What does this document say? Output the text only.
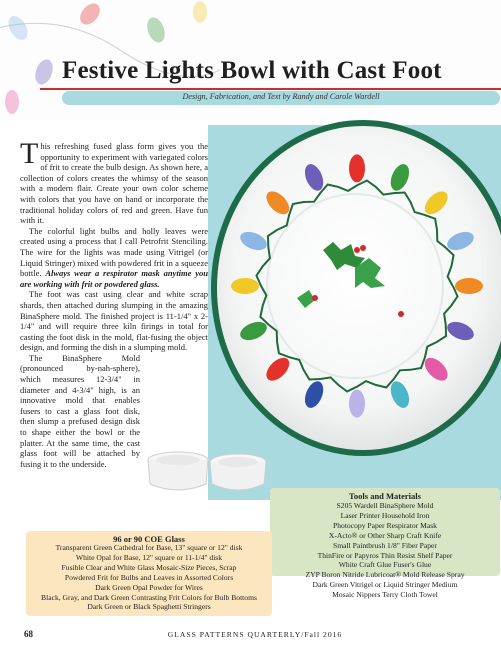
Festive Lights Bowl with Cast Foot
Design, Fabrication, and Text by Randy and Carole Wardell

This refreshing fused glass form gives you the opportunity to experiment with variegated colors of frit to create the bulb design. As shown here, a collection of colors creates the whimsy of the season with a modern flair. Create your own color scheme with colors that you have on hand or incorporate the traditional holiday colors of red and green. Have fun with it.

The colorful light bulbs and holly leaves were created using a process that I call Petrofrit Stenciling. The wire for the lights was made using Vitrigel (or Liquid Stringer) mixed with powdered frit in a squeeze bottle. Always wear a respirator mask anytime you are working with frit or powdered glass.

The foot was cast using clear and white scrap shards, then attached during slumping in the amazing BinaSphere mold. The finished project is 11-1/4" x 2-1/4" and will require three kiln firings in total for casting the foot disk in the mold, flat-fusing the object design, and forming the dish in a slumping mold.

The BinaSphere Mold (pronounced by-nah-sphere), which measures 12-3/4" in diameter and 4-3/4" high, is an innovative mold that enables fusers to cast a glass foot disk, then slump a prefused design disk to shape either the bowl or the platter. At the same time, the cast glass foot will be attached by fusing it to the underside.

Tools and Materials
S205 Wardell BinaSphere Mold
Laser Printer Household Iron
Photocopy Paper Respirator Mask
X-Acto® or Other Sharp Craft Knife
Small Paintbrush 1/8" Fiber Paper
ThinFire or Papyros Thin Resist Shelf Paper
White Craft Glue Fuser's Glue
ZYP Boron Nitride Lubricoat® Mold Release Spray
Dark Green Vitrigel or Liquid Stringer Medium
Mosaic Nippers Terry Cloth Towel
96 or 90 COE Glass
Transparent Green Cathedral for Base, 13" square or 12" disk
White Opal for Base, 12" square or 11-1/4" disk
Fusible Clear and White Glass Mosaic-Size Pieces, Scrap
Powdered Frit for Bulbs and Leaves in Assorted Colors
Dark Green Opal Powder for Wires
Black, Gray, and Dark Green Contrasting Frit Colors for Bulb Bottoms
Dark Green or Black Spaghetti Stringers
68	GLASS PATTERNS QUARTERLY/Fall 2016
